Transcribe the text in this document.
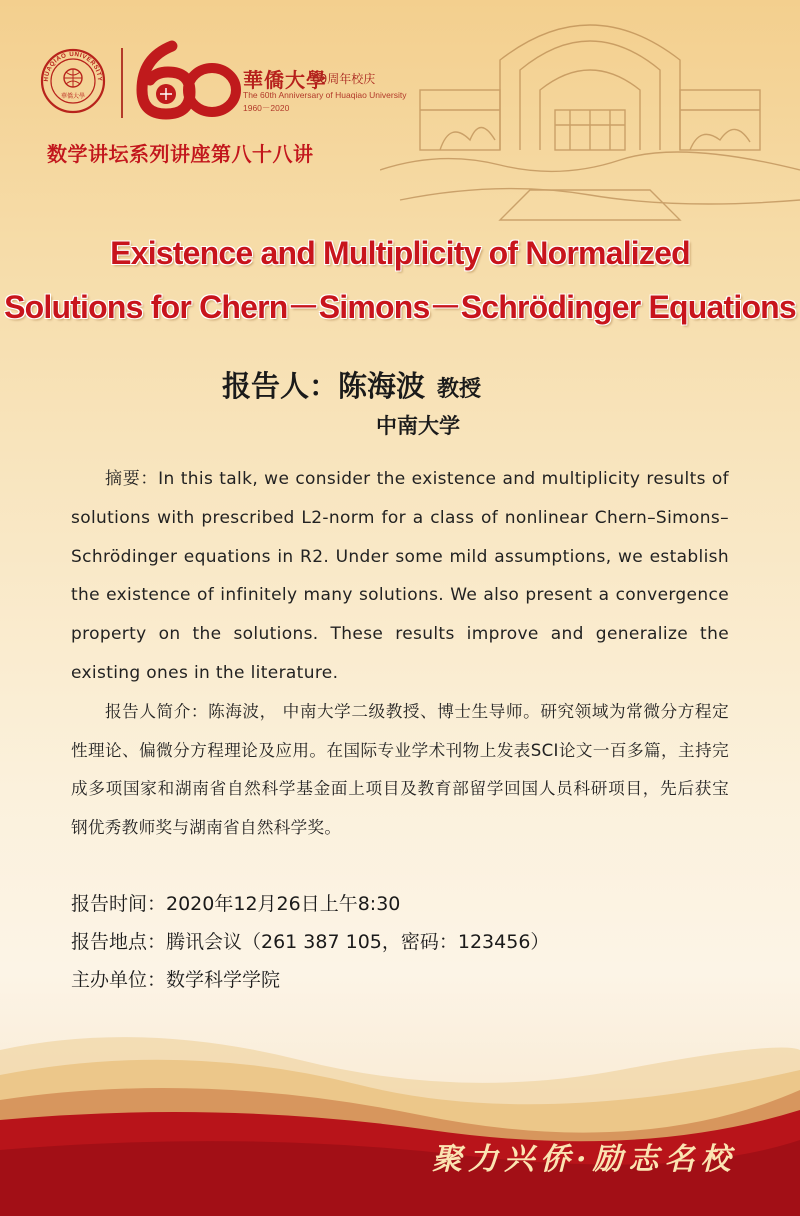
華僑大學
HUAQIAO UNIVERSITY
60
華僑大學
60周年校庆
The 60th Anniversary of Huaqiao University
1960－2020
数学讲坛系列讲座第八十八讲
Existence and Multiplicity of Normalized
Solutions for Chern－Simons－Schrӧdinger Equations
报告人：陈海波 教授
中南大学

摘要：In this talk, we consider the existence and multiplicity results of solutions with prescribed L2-norm for a class of nonlinear Chern–Simons–Schrödinger equations in R2. Under some mild assumptions, we establish the existence of infinitely many solutions. We also present a convergence property on the solutions. These results improve and generalize the existing ones in the literature.

报告人简介：陈海波， 中南大学二级教授、博士生导师。研究领域为常微分方程定性理论、偏微分方程理论及应用。在国际专业学术刊物上发表SCI论文一百多篇，主持完成多项国家和湖南省自然科学基金面上项目及教育部留学回国人员科研项目，先后获宝钢优秀教师奖与湖南省自然科学奖。

报告时间：2020年12月26日上午8:30
报告地点：腾讯会议（261 387 105，密码：123456）
主办单位：数学科学学院
聚力兴侨·励志名校
